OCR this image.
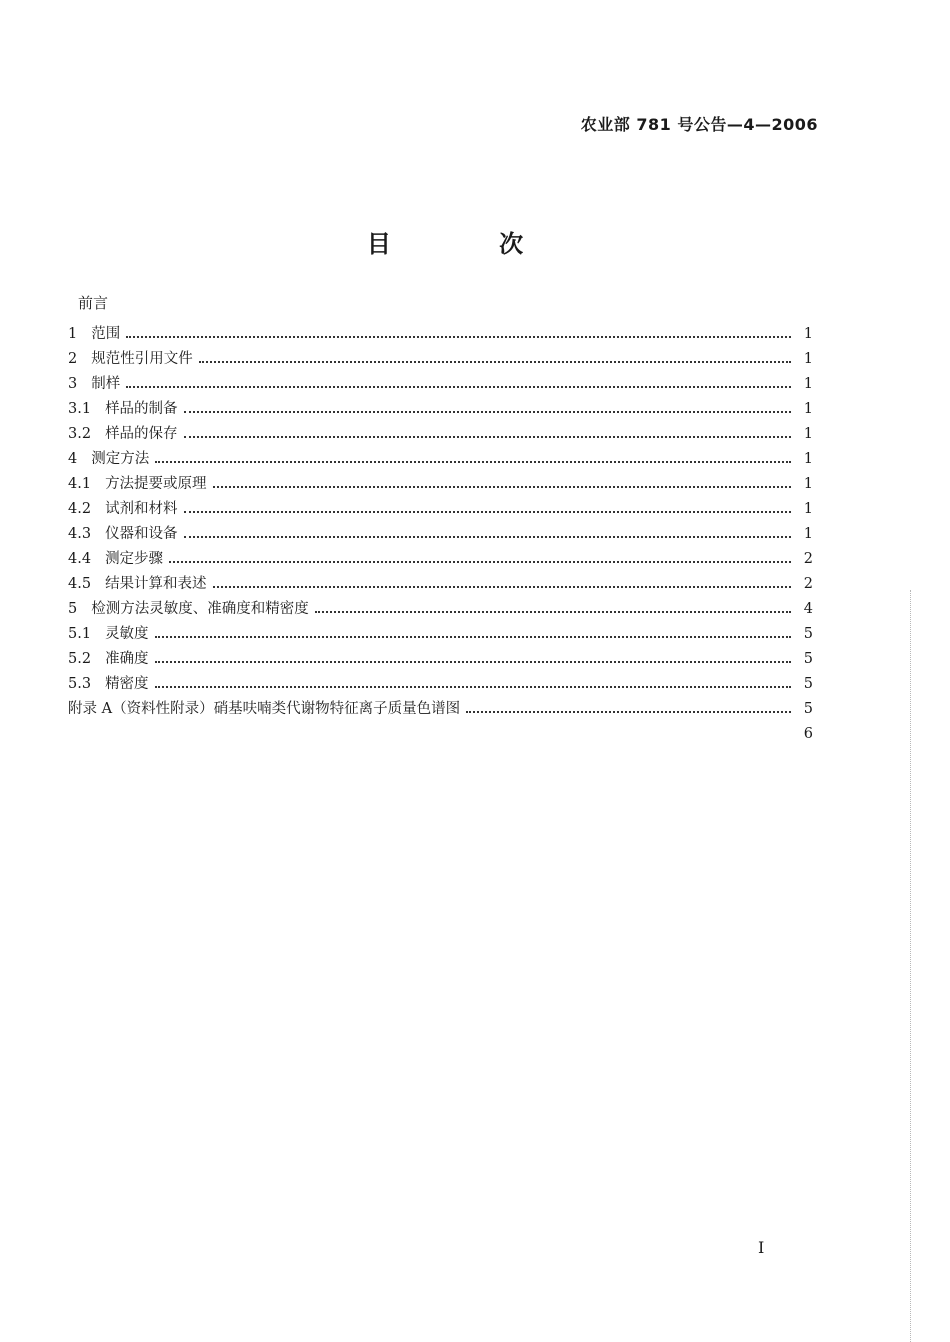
农业部 781 号公告—4—2006
目 次
前言
1 范围	1
2 规范性引用文件	1
3 制样	1
3.1 样品的制备	1
3.2 样品的保存	1
4 测定方法	1
4.1 方法提要或原理	1
4.2 试剂和材料	1
4.3 仪器和设备	1
4.4 测定步骤	2
4.5 结果计算和表述	2
5 检测方法灵敏度、准确度和精密度	4
5.1 灵敏度	5
5.2 准确度	5
5.3 精密度	5
附录 A（资料性附录）硝基呋喃类代谢物特征离子质量色谱图	5
6
I
